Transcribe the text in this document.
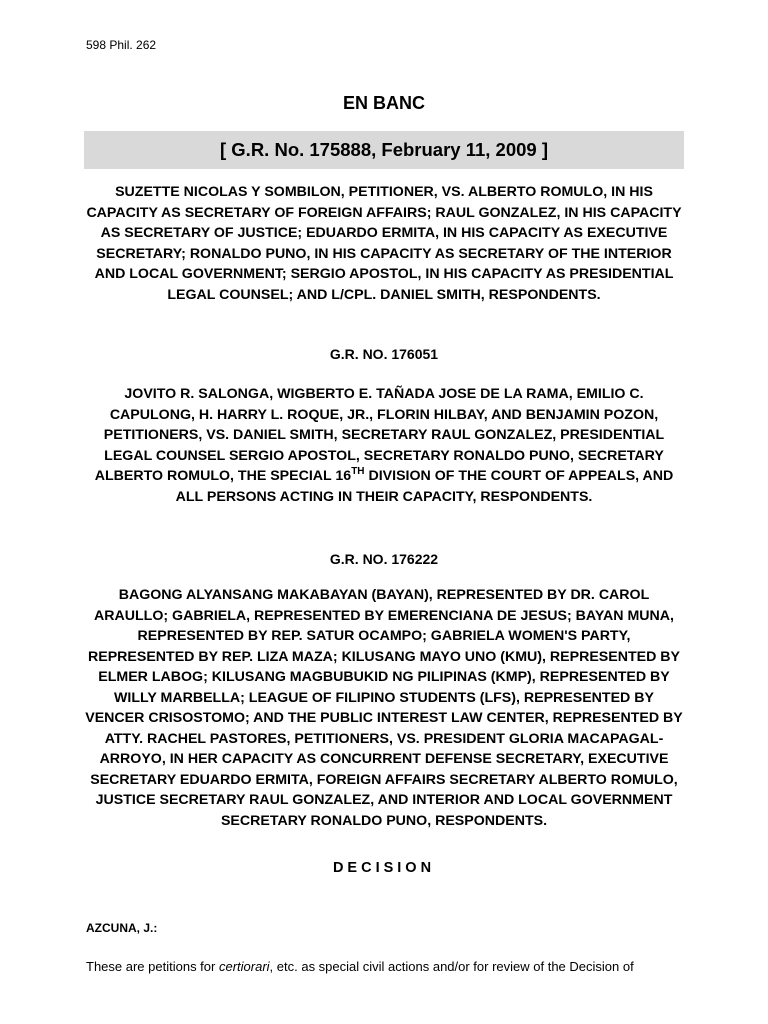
598 Phil. 262
EN BANC
[ G.R. No. 175888, February 11, 2009 ]
SUZETTE NICOLAS Y SOMBILON, PETITIONER, VS. ALBERTO ROMULO, IN HIS CAPACITY AS SECRETARY OF FOREIGN AFFAIRS; RAUL GONZALEZ, IN HIS CAPACITY AS SECRETARY OF JUSTICE; EDUARDO ERMITA, IN HIS CAPACITY AS EXECUTIVE SECRETARY; RONALDO PUNO, IN HIS CAPACITY AS SECRETARY OF THE INTERIOR AND LOCAL GOVERNMENT; SERGIO APOSTOL, IN HIS CAPACITY AS PRESIDENTIAL LEGAL COUNSEL; AND L/CPL. DANIEL SMITH, RESPONDENTS.
G.R. NO. 176051
JOVITO R. SALONGA, WIGBERTO E. TAÑADA JOSE DE LA RAMA, EMILIO C. CAPULONG, H. HARRY L. ROQUE, JR., FLORIN HILBAY, AND BENJAMIN POZON, PETITIONERS, VS. DANIEL SMITH, SECRETARY RAUL GONZALEZ, PRESIDENTIAL LEGAL COUNSEL SERGIO APOSTOL, SECRETARY RONALDO PUNO, SECRETARY ALBERTO ROMULO, THE SPECIAL 16TH DIVISION OF THE COURT OF APPEALS, AND ALL PERSONS ACTING IN THEIR CAPACITY, RESPONDENTS.
G.R. NO. 176222
BAGONG ALYANSANG MAKABAYAN (BAYAN), REPRESENTED BY DR. CAROL ARAULLO; GABRIELA, REPRESENTED BY EMERENCIANA DE JESUS; BAYAN MUNA, REPRESENTED BY REP. SATUR OCAMPO; GABRIELA WOMEN'S PARTY, REPRESENTED BY REP. LIZA MAZA; KILUSANG MAYO UNO (KMU), REPRESENTED BY ELMER LABOG; KILUSANG MAGBUBUKID NG PILIPINAS (KMP), REPRESENTED BY WILLY MARBELLA; LEAGUE OF FILIPINO STUDENTS (LFS), REPRESENTED BY VENCER CRISOSTOMO; AND THE PUBLIC INTEREST LAW CENTER, REPRESENTED BY ATTY. RACHEL PASTORES, PETITIONERS, VS. PRESIDENT GLORIA MACAPAGAL-ARROYO, IN HER CAPACITY AS CONCURRENT DEFENSE SECRETARY, EXECUTIVE SECRETARY EDUARDO ERMITA, FOREIGN AFFAIRS SECRETARY ALBERTO ROMULO, JUSTICE SECRETARY RAUL GONZALEZ, AND INTERIOR AND LOCAL GOVERNMENT SECRETARY RONALDO PUNO, RESPONDENTS.
DECISION
AZCUNA, J.:
These are petitions for certiorari, etc. as special civil actions and/or for review of the Decision of
